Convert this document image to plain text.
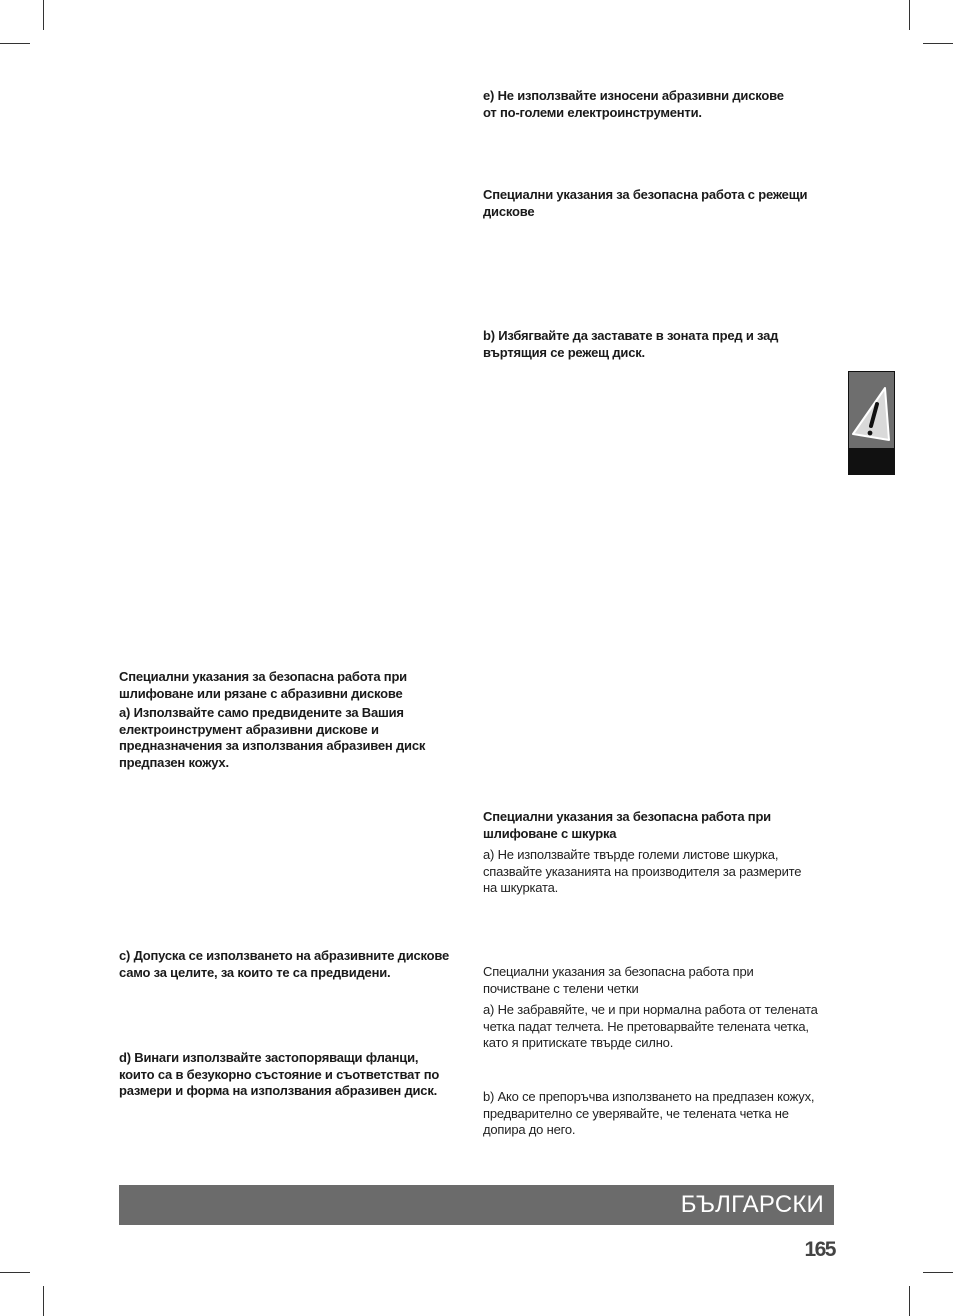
е) Не използвайте износени абразивни дискове

от по-големи електроинструменти.

Специални указания за безопасна работа с режещи

дискове

b) Избягвайте да заставате в зоната пред и зад

въртящия се режещ диск.

Специални указания за безопасна работа при

шлифоване с шкурка

а) Не използвайте твърде големи листове шкурка,

спазвайте указанията на производителя за размерите

на шкурката.

Специални указания за безопасна работа при

почистване с телени четки

а) Не забравяйте, че и при нормална работа от телената

четка падат телчета. Не претоварвайте телената четка,

като я притискате твърде силно.

b) Ако се препоръчва използването на предпазен кожух,

предварително се уверявайте, че телената четка не

допира до него.

Специални указания за безопасна работа при

шлифоване или рязане с абразивни дискове

а) Използвайте само предвидените за Вашия

електроинструмент абразивни дискове и

предназначения за използвания абразивен диск

предпазен кожух.

с) Допуска се използването на абразивните дискове

само за целите, за които те са предвидени.

d) Винаги използвайте застопоряващи фланци,

които са в безукорно състояние и съответстват по

размери и форма на използвания абразивен диск.

БЪЛГАРСКИ
165
